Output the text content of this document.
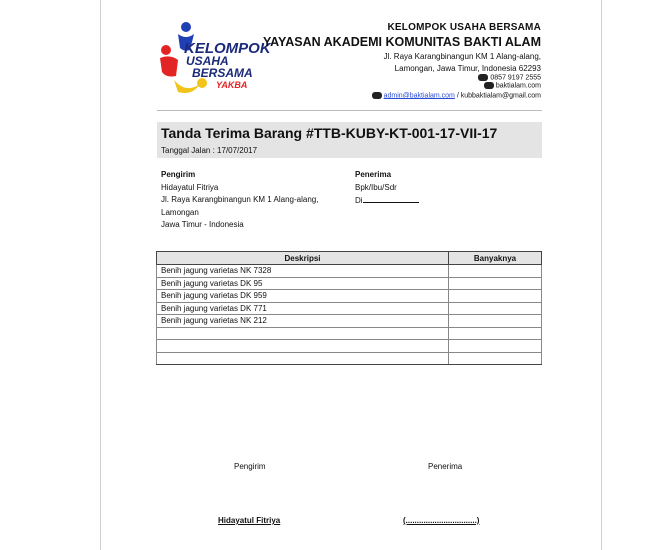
KELOMPOK
USAHA
BERSAMA
YAKBA
KELOMPOK USAHA BERSAMA
YAYASAN AKADEMI KOMUNITAS BAKTI ALAM
Jl. Raya Karangbinangun KM 1 Alang-alang,
Lamongan, Jawa Timur, Indonesia 62293
0857 9197 2555
baktialam.com
admin@baktialam.com / kubbaktialam@gmail.com
Tanda Terima Barang #TTB-KUBY-KT-001-17-VII-17
Tanggal Jalan : 17/07/2017
Pengirim
Hidayatul Fitriya
Jl. Raya Karangbinangun KM 1 Alang-alang,
Lamongan
Jawa Timur - Indonesia
Penerima
Bpk/Ibu/Sdr
Di
Deskripsi	Banyaknya
Benih jagung varietas NK 7328	
Benih jagung varietas DK 95	
Benih jagung varietas DK 959	
Benih jagung varietas DK 771	
Benih jagung varietas NK 212	

Pengirim	Penerima
Hidayatul Fitriya	(................................)
